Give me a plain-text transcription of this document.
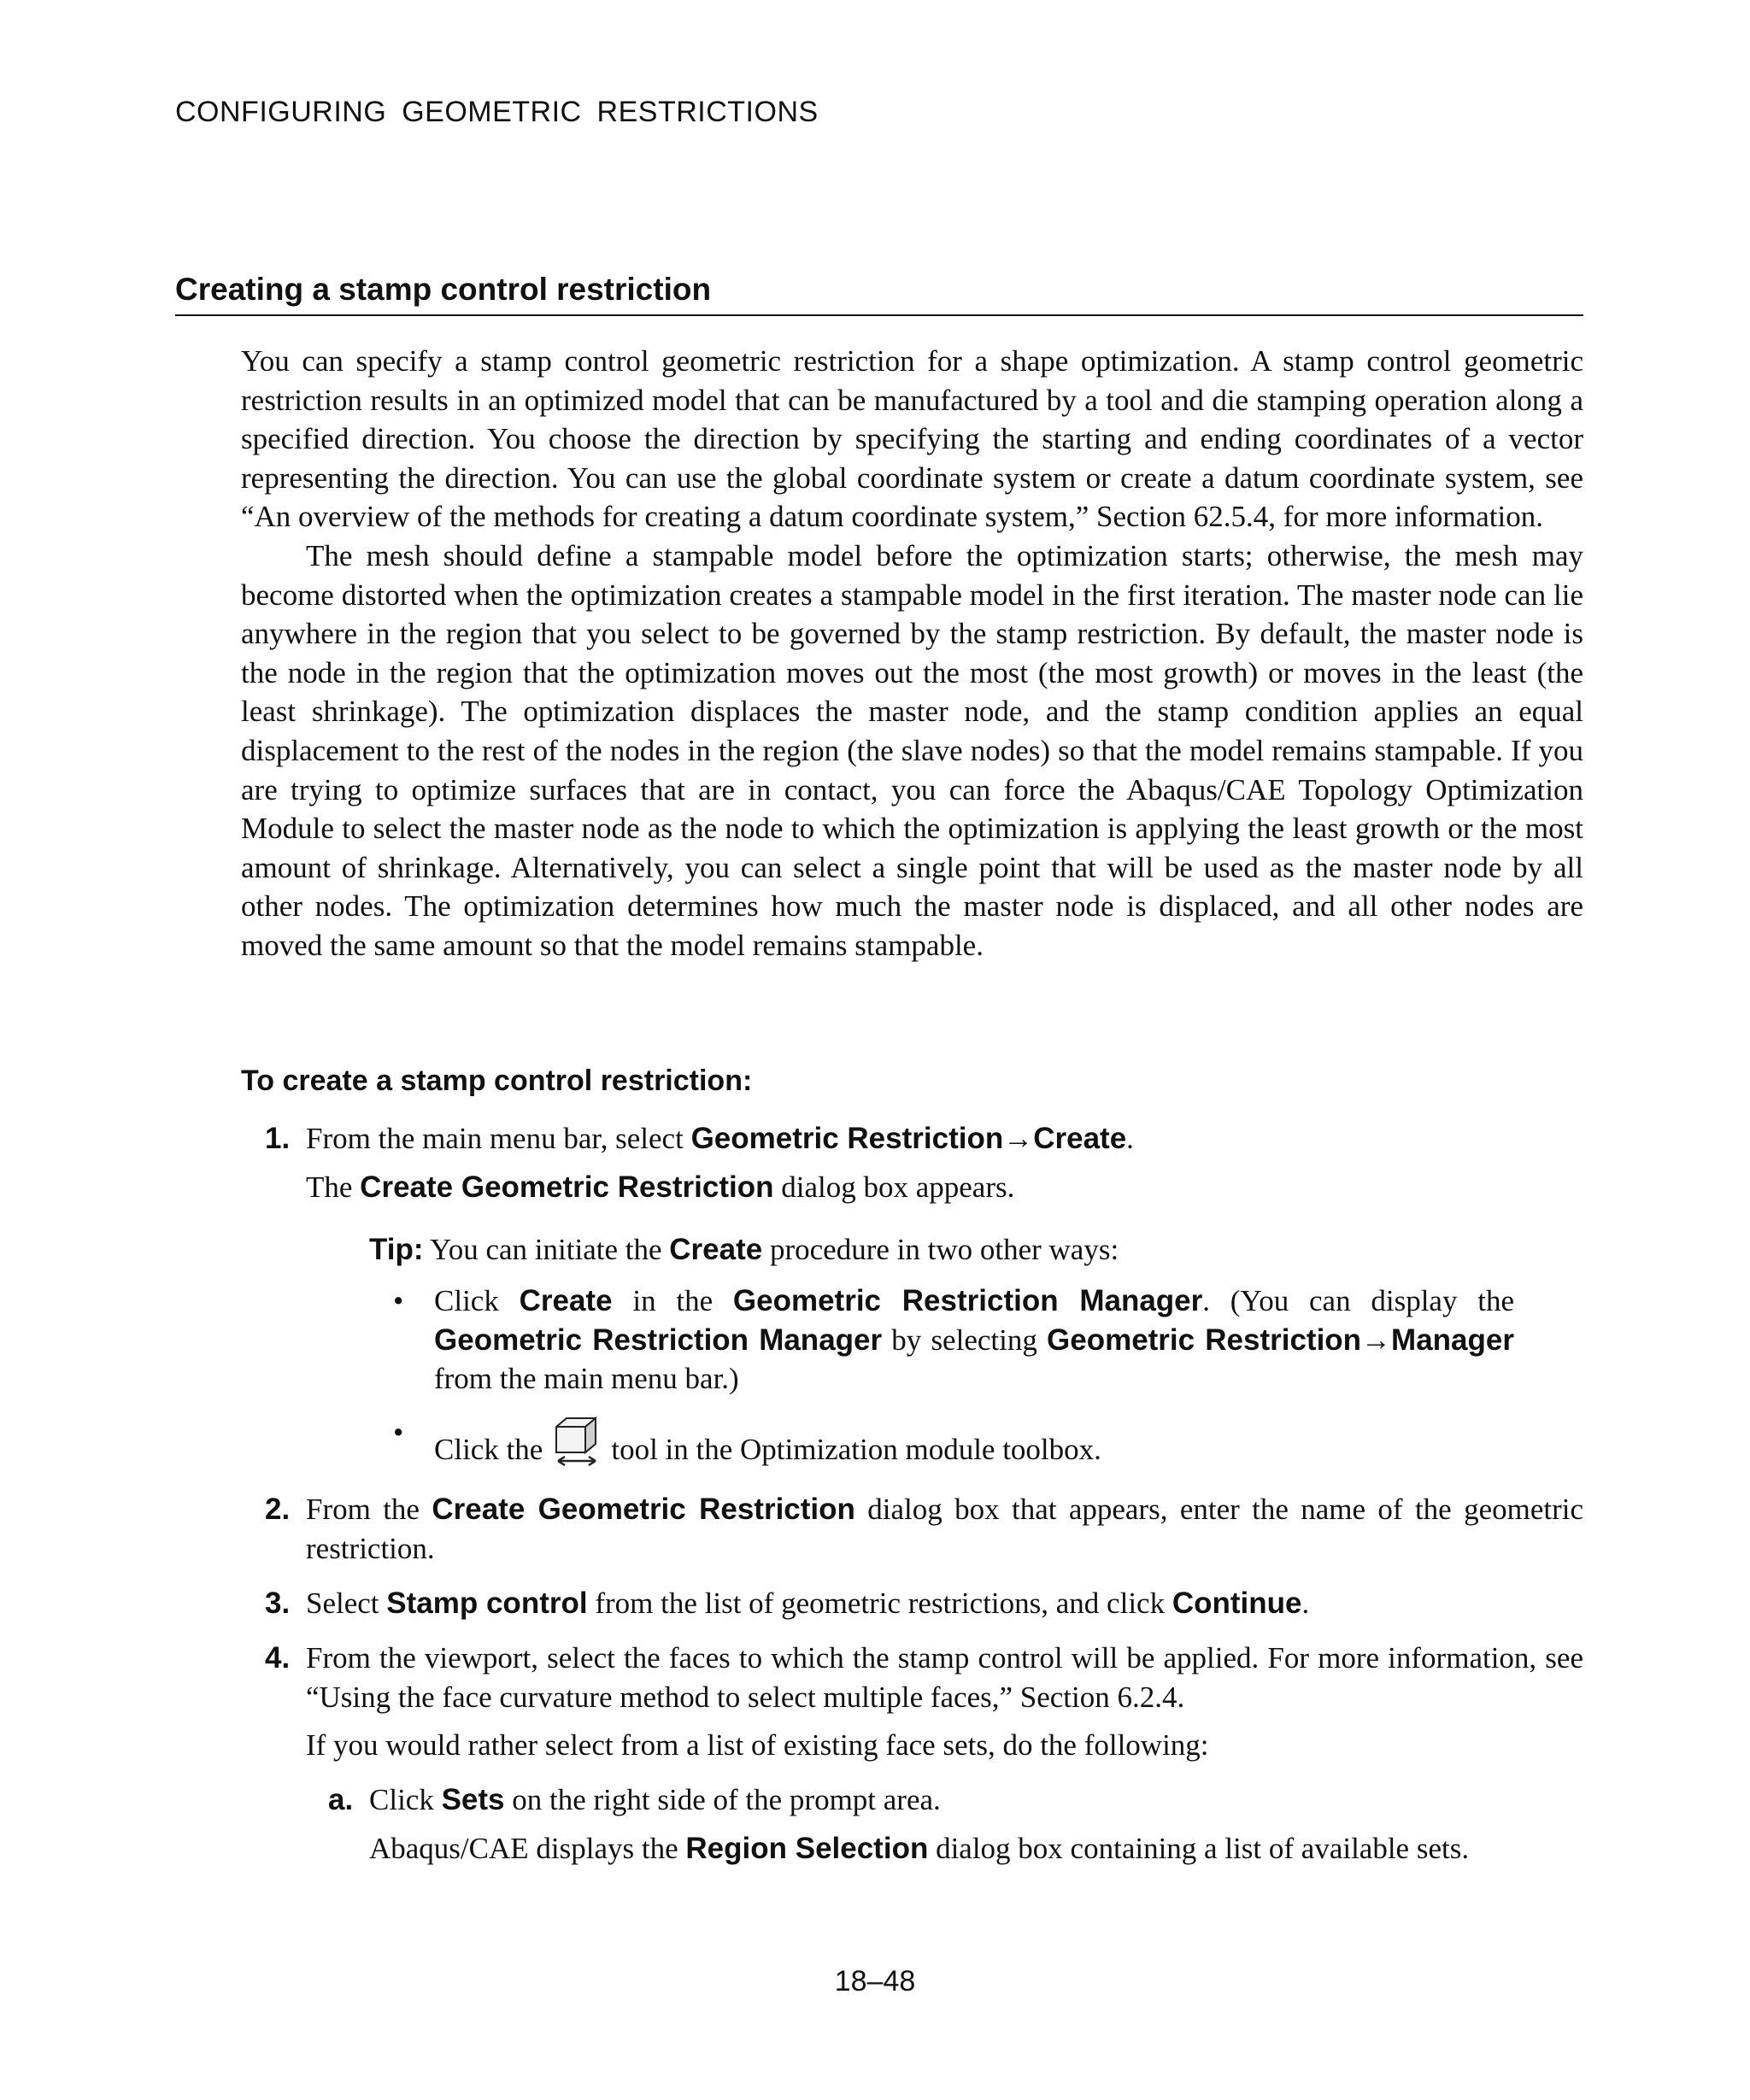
CONFIGURING GEOMETRIC RESTRICTIONS
Creating a stamp control restriction

You can specify a stamp control geometric restriction for a shape optimization. A stamp control geometric restriction results in an optimized model that can be manufactured by a tool and die stamping operation along a specified direction. You choose the direction by specifying the starting and ending coordinates of a vector representing the direction. You can use the global coordinate system or create a datum coordinate system, see “An overview of the methods for creating a datum coordinate system,” Section 62.5.4, for more information.

The mesh should define a stampable model before the optimization starts; otherwise, the mesh may become distorted when the optimization creates a stampable model in the first iteration. The master node can lie anywhere in the region that you select to be governed by the stamp restriction. By default, the master node is the node in the region that the optimization moves out the most (the most growth) or moves in the least (the least shrinkage). The optimization displaces the master node, and the stamp condition applies an equal displacement to the rest of the nodes in the region (the slave nodes) so that the model remains stampable. If you are trying to optimize surfaces that are in contact, you can force the Abaqus/CAE Topology Optimization Module to select the master node as the node to which the optimization is applying the least growth or the most amount of shrinkage. Alternatively, you can select a single point that will be used as the master node by all other nodes. The optimization determines how much the master node is displaced, and all other nodes are moved the same amount so that the model remains stampable.

To create a stamp control restriction:
1. From the main menu bar, select Geometric Restriction→Create.

The Create Geometric Restriction dialog box appears.

Tip: You can initiate the Create procedure in two other ways:
• Click Create in the Geometric Restriction Manager. (You can display the Geometric Restriction Manager by selecting Geometric Restriction→Manager from the main menu bar.)
•
Click the tool in the Optimization module toolbox.
2. From the Create Geometric Restriction dialog box that appears, enter the name of the geometric restriction.

3. Select Stamp control from the list of geometric restrictions, and click Continue.

4. From the viewport, select the faces to which the stamp control will be applied. For more information, see “Using the face curvature method to select multiple faces,” Section 6.2.4.

If you would rather select from a list of existing face sets, do the following:

a. Click Sets on the right side of the prompt area.

Abaqus/CAE displays the Region Selection dialog box containing a list of available sets.

18–48
